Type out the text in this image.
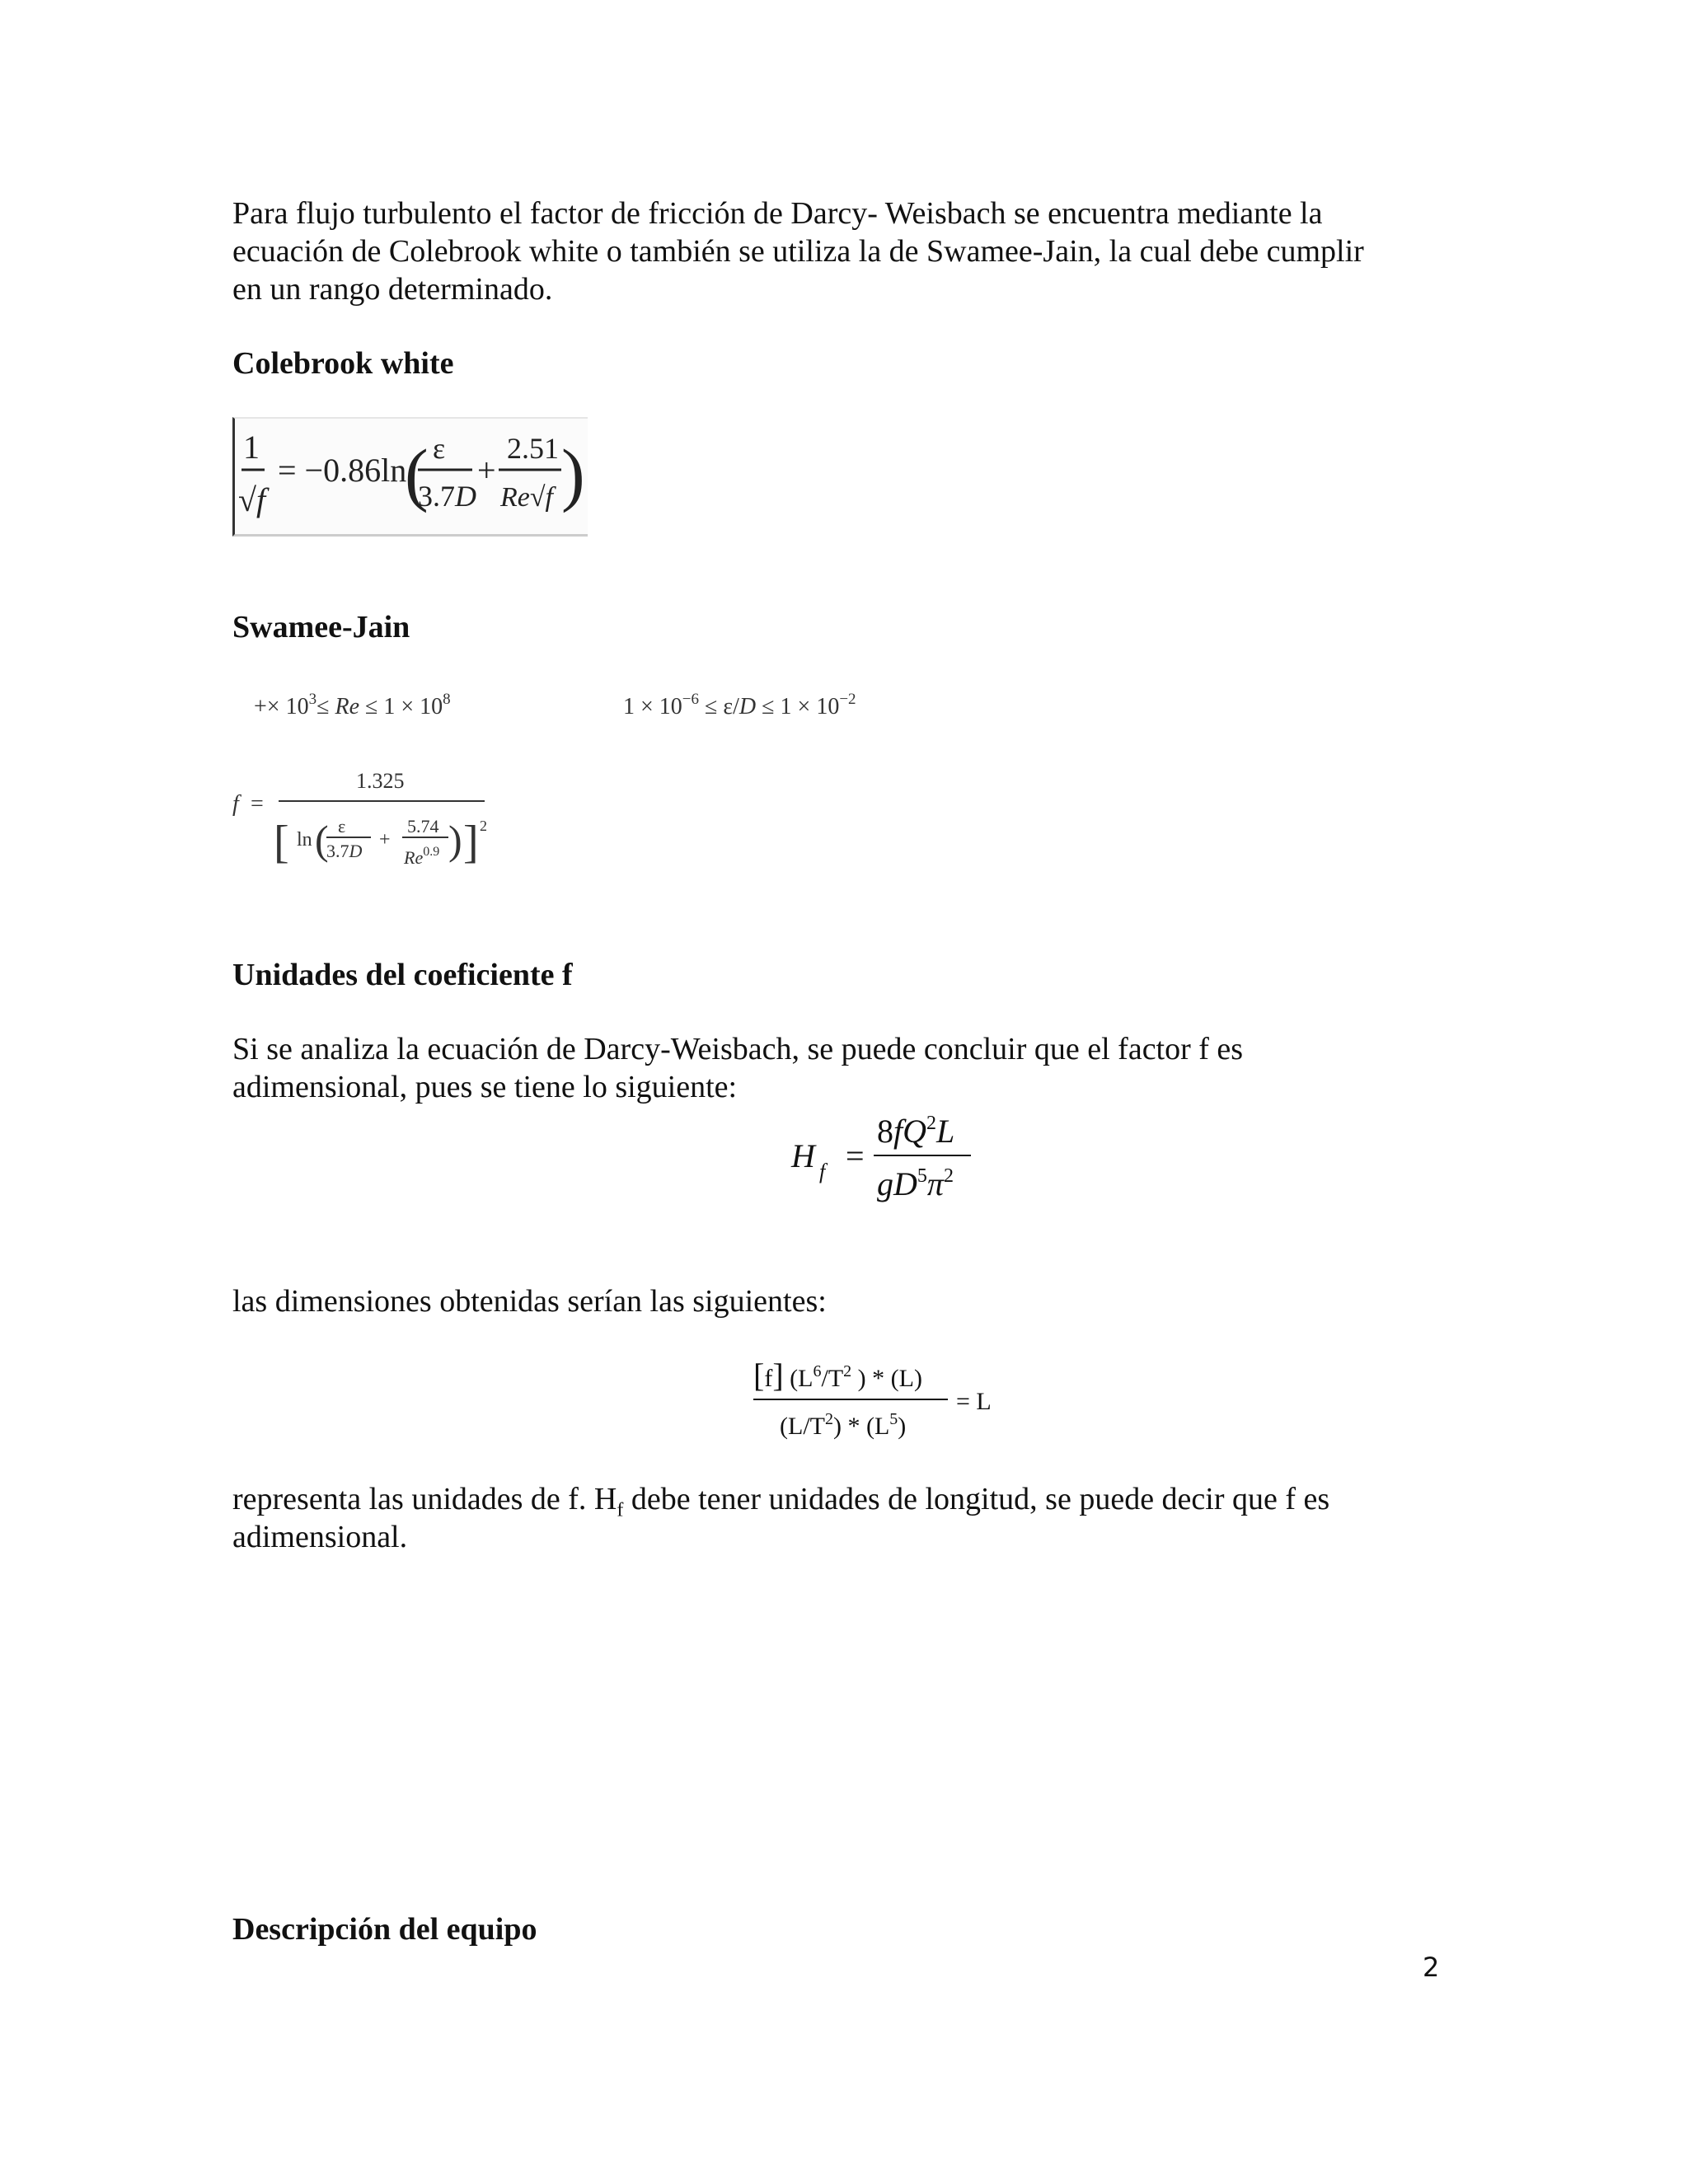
Para flujo turbulento el factor de fricción de Darcy- Weisbach se encuentra mediante la

ecuación de Colebrook white o también se utiliza la de Swamee-Jain, la cual debe cumplir

en un rango determinado.

Colebrook white
1
√f
= −0.86ln
( ε
3.7D
+
2.51
Re√f )
Swamee-Jain
+× $10^3\le Re \le 1 \times 10^8$	$1 \times 10^{-6} \le \varepsilon/D \le 1 \times 10^{-2}$
f =
1.325
[ ln ( ε
3.7D
+
5.74
$Re^{0.9}$ ) ] 2
Unidades del coeficiente f

Si se analiza la ecuación de Darcy-Weisbach, se puede concluir que el factor f es

adimensional, pues se tiene lo siguiente:

H f =
$8fQ^2L$
$gD^5\pi^2$

las dimensiones obtenidas serían las siguientes:

[f] ($L^6/T^2$ ) * (L)
$(L/T^2) * (L^5)$
= L

representa las unidades de f. $H_f$ debe tener unidades de longitud, se puede decir que f es

adimensional.

Descripción del equipo
2
